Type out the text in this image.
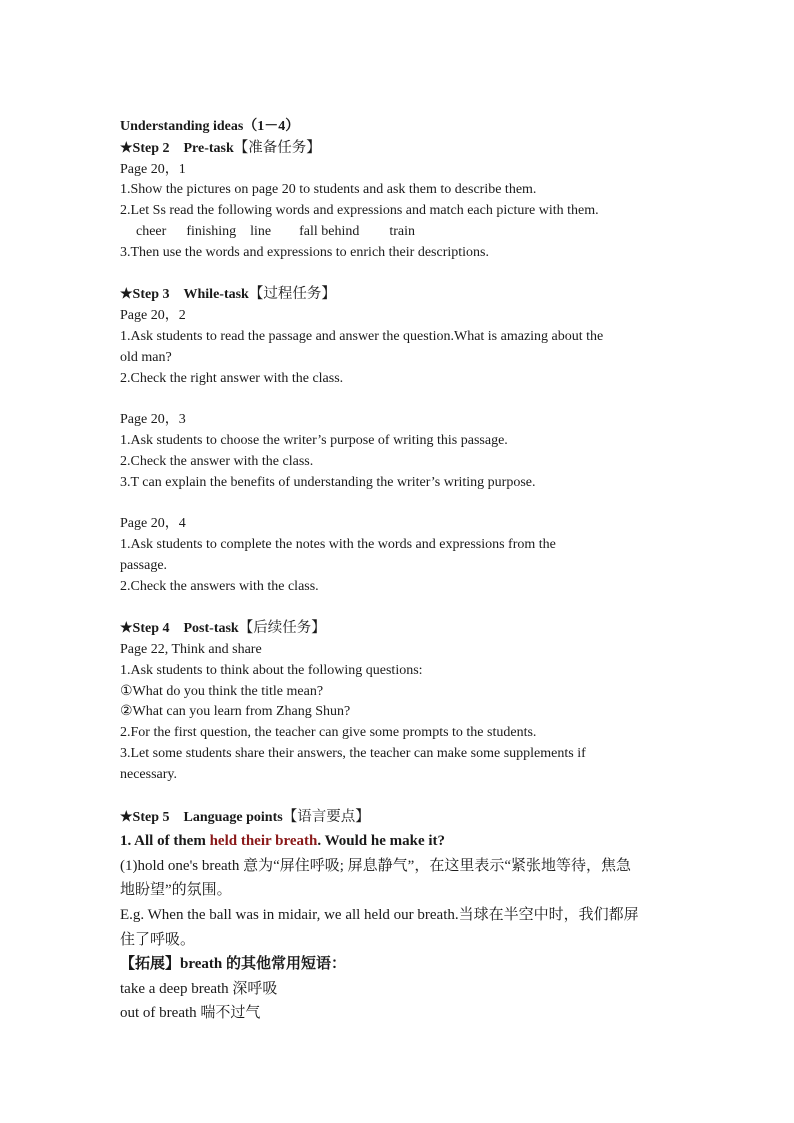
Understanding ideas（1－4）
★Step 2 Pre-task【准备任务】
Page 20，1
1.Show the pictures on page 20 to students and ask them to describe them.
2.Let Ss read the following words and expressions and match each picture with them.
cheer finishing line fall behind train
3.Then use the words and expressions to enrich their descriptions.
★Step 3 While-task【过程任务】
Page 20，2
1.Ask students to read the passage and answer the question.What is amazing about the
old man?
2.Check the right answer with the class.
Page 20，3
1.Ask students to choose the writer’s purpose of writing this passage.
2.Check the answer with the class.
3.T can explain the benefits of understanding the writer’s writing purpose.
Page 20，4
1.Ask students to complete the notes with the words and expressions from the
passage.
2.Check the answers with the class.
★Step 4 Post-task【后续任务】
Page 22, Think and share
1.Ask students to think about the following questions:
①What do you think the title mean?
②What can you learn from Zhang Shun?
2.For the first question, the teacher can give some prompts to the students.
3.Let some students share their answers, the teacher can make some supplements if
necessary.
★Step 5 Language points【语言要点】
1. All of them held their breath. Would he make it?
(1)hold one's breath 意为“屏住呼吸; 屏息静气”，在这里表示“紧张地等待，焦急
地盼望”的氛围。
E.g. When the ball was in midair, we all held our breath.当球在半空中时，我们都屏
住了呼吸。
【拓展】breath 的其他常用短语：
take a deep breath 深呼吸
out of breath 喘不过气
